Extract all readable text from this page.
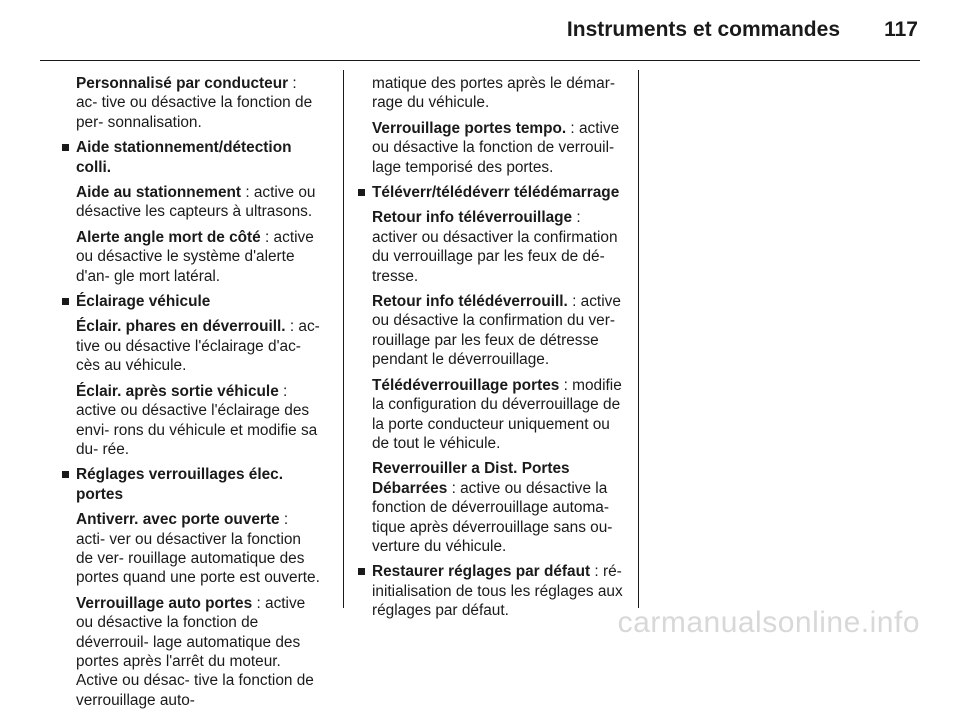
Instruments et commandes 117

Personnalisé par conducteur : ac- tive ou désactive la fonction de per- sonnalisation.

Aide stationnement/détection colli.

Aide au stationnement : active ou désactive les capteurs à ultrasons.

Alerte angle mort de côté : active ou désactive le système d'alerte d'an- gle mort latéral.

Éclairage véhicule

Éclair. phares en déverrouill. : ac- tive ou désactive l'éclairage d'ac- cès au véhicule.

Éclair. après sortie véhicule : active ou désactive l'éclairage des envi- rons du véhicule et modifie sa du- rée.

Réglages verrouillages élec. portes

Antiverr. avec porte ouverte : acti- ver ou désactiver la fonction de ver- rouillage automatique des portes quand une porte est ouverte.

Verrouillage auto portes : active ou désactive la fonction de déverrouil- lage automatique des portes après l'arrêt du moteur. Active ou désac- tive la fonction de verrouillage auto-

matique des portes après le démar- rage du véhicule.

Verrouillage portes tempo. : active ou désactive la fonction de verrouil- lage temporisé des portes.

Téléverr/télédéverr télédémarrage

Retour info téléverrouillage : activer ou désactiver la confirmation du verrouillage par les feux de dé- tresse.

Retour info télédéverrouill. : active ou désactive la confirmation du ver- rouillage par les feux de détresse pendant le déverrouillage.

Télédéverrouillage portes : modifie la configuration du déverrouillage de la porte conducteur uniquement ou de tout le véhicule.

Reverrouiller a Dist. Portes Débarrées : active ou désactive la fonction de déverrouillage automa- tique après déverrouillage sans ou- verture du véhicule.

Restaurer réglages par défaut : ré- initialisation de tous les réglages aux réglages par défaut.	carmanualsonline.info
